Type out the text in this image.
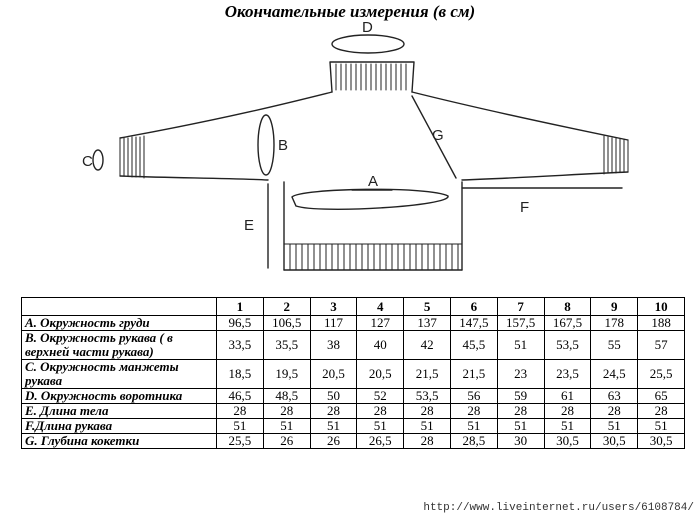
Окончательные измерения (в см)
D
B
C
A
E
F
G
	1	2	3	4	5	6	7	8	9	10
A. Окружность груди	96,5	106,5	117	127	137	147,5	157,5	167,5	178	188
B. Окружность рукава ( в верхней части рукава)	33,5	35,5	38	40	42	45,5	51	53,5	55	57
C. Окружность манжеты рукава	18,5	19,5	20,5	20,5	21,5	21,5	23	23,5	24,5	25,5
D. Окружность воротника	46,5	48,5	50	52	53,5	56	59	61	63	65
E. Длина тела	28	28	28	28	28	28	28	28	28	28
F.Длина рукава	51	51	51	51	51	51	51	51	51	51
G. Глубина кокетки	25,5	26	26	26,5	28	28,5	30	30,5	30,5	30,5
http://www.liveinternet.ru/users/6108784/
